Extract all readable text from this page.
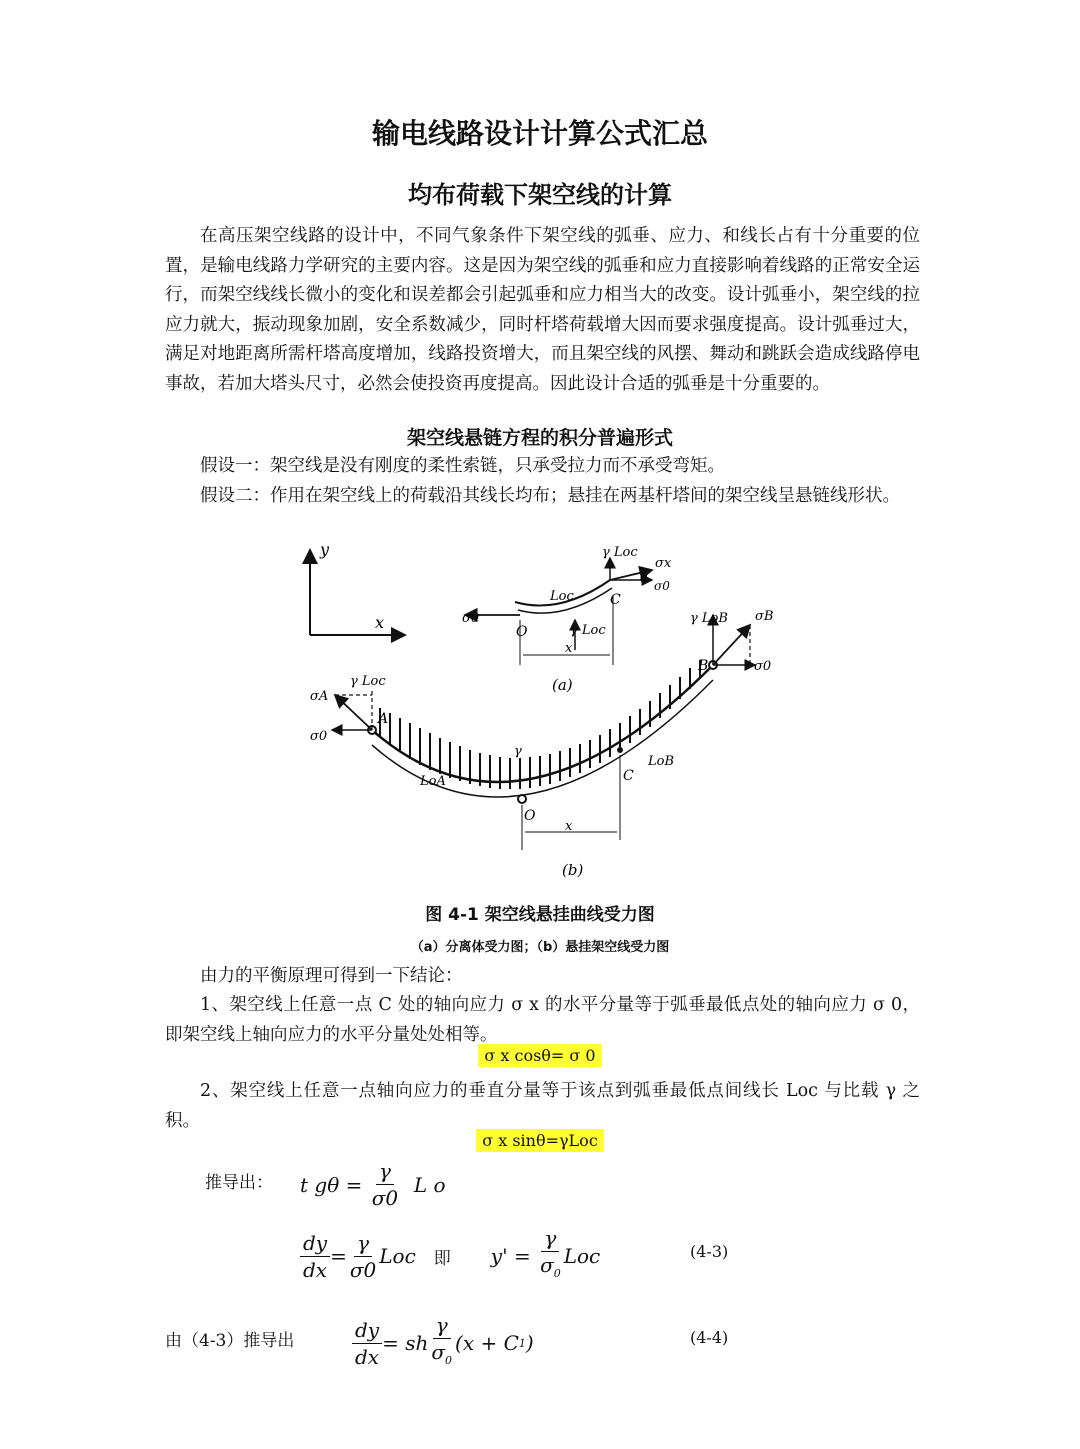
输电线路设计计算公式汇总
均布荷载下架空线的计算
在高压架空线路的设计中，不同气象条件下架空线的弧垂、应力、和线长占有十分重要的位置，是输电线路力学研究的主要内容。这是因为架空线的弧垂和应力直接影响着线路的正常安全运行，而架空线线长微小的变化和误差都会引起弧垂和应力相当大的改变。设计弧垂小，架空线的拉应力就大，振动现象加剧，安全系数减少，同时杆塔荷载增大因而要求强度提高。设计弧垂过大，满足对地距离所需杆塔高度增加，线路投资增大，而且架空线的风摆、舞动和跳跃会造成线路停电事故，若加大塔头尺寸，必然会使投资再度提高。因此设计合适的弧垂是十分重要的。
架空线悬链方程的积分普遍形式
假设一：架空线是没有刚度的柔性索链，只承受拉力而不承受弯矩。
假设二：作用在架空线上的荷载沿其线长均布；悬挂在两基杆塔间的架空线呈悬链线形状。
y
x
γ Loc
σx
θ
σ0
Loc	C
σ0
O	γ Loc
x
(a)
γ LoB σB
σ0
B
γ Loc
σA
A
σ0
γ
C
LoB
LoA
O
x
(b)
图 4-1 架空线悬挂曲线受力图
（a）分离体受力图；（b）悬挂架空线受力图
由力的平衡原理可得到一下结论：
1、架空线上任意一点 C 处的轴向应力 σ x 的水平分量等于弧垂最低点处的轴向应力 σ 0，即架空线上轴向应力的水平分量处处相等。
σ x cosθ= σ 0
2、架空线上任意一点轴向应力的垂直分量等于该点到弧垂最低点间线长 Loc 与比载 γ 之积。
σ x sinθ=γLoc
推导出： t gθ =
$\frac{\gamma}{\sigma 0}$
L o
$\frac{dy}{dx} = \frac{\gamma}{\sigma 0}$ Loc 即 y' =
$\frac{\gamma}{\sigma_0}$ Loc	(4-3)
由（4-3）推导出	$\frac{dy}{dx}$ = sh $\frac{\gamma}{\sigma_0} (x + C$ 1 )	(4-4)
